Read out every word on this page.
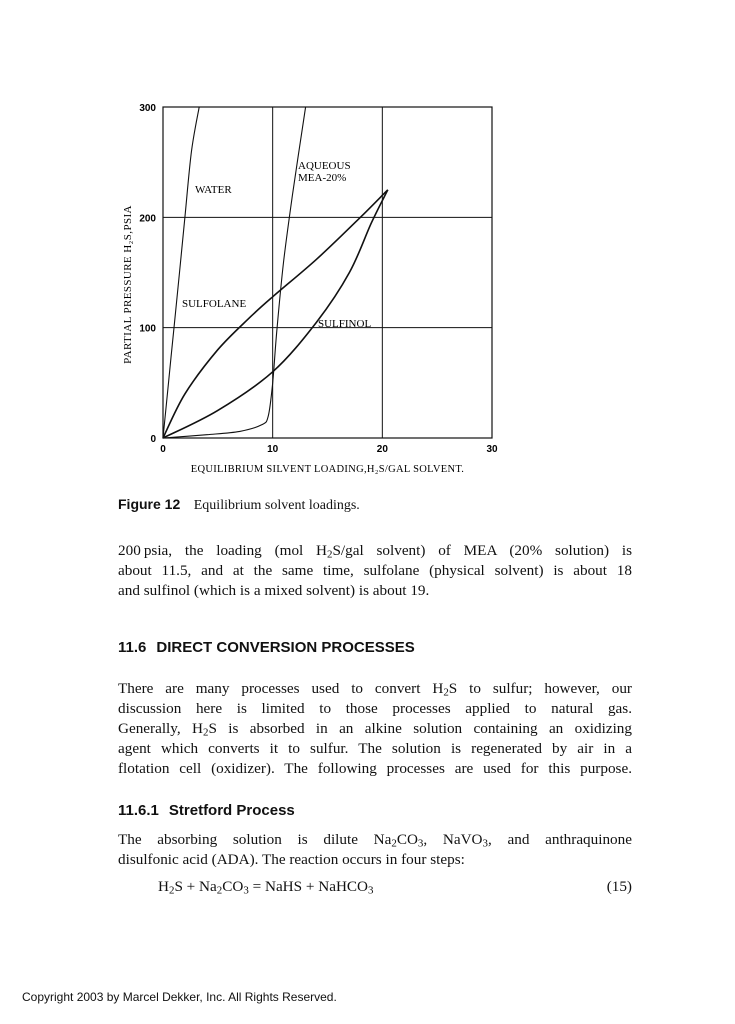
0
100
200
300
0	10	20	30
EQUILIBRIUM SILVENT LOADING,H₂S/GAL SOLVENT.
PARTIAL PRESSURE H₂S,PSIA
WATER
AQUEOUS
MEA-20%
SULFOLANE
SULFINOL
Figure 12 Equilibrium solvent loadings.
200 psia, the loading (mol $H_2S$/gal solvent) of MEA (20% solution) is
about 11.5, and at the same time, sulfolane (physical solvent) is about 18
and sulfinol (which is a mixed solvent) is about 19.
11.6 DIRECT CONVERSION PROCESSES
There are many processes used to convert $H_2S$ to sulfur; however, our
discussion here is limited to those processes applied to natural gas.
Generally, $H_2S$ is absorbed in an alkine solution containing an oxidizing
agent which converts it to sulfur. The solution is regenerated by air in a
flotation cell (oxidizer). The following processes are used for this purpose.
11.6.1 Stretford Process
The absorbing solution is dilute $Na_2CO_3$, NaVO$_3$, and anthraquinone
disulfonic acid (ADA). The reaction occurs in four steps:
$H_2S + Na_2CO_3$ = NaHS + NaHCO$_3$	(15)
Copyright 2003 by Marcel Dekker, Inc. All Rights Reserved.
